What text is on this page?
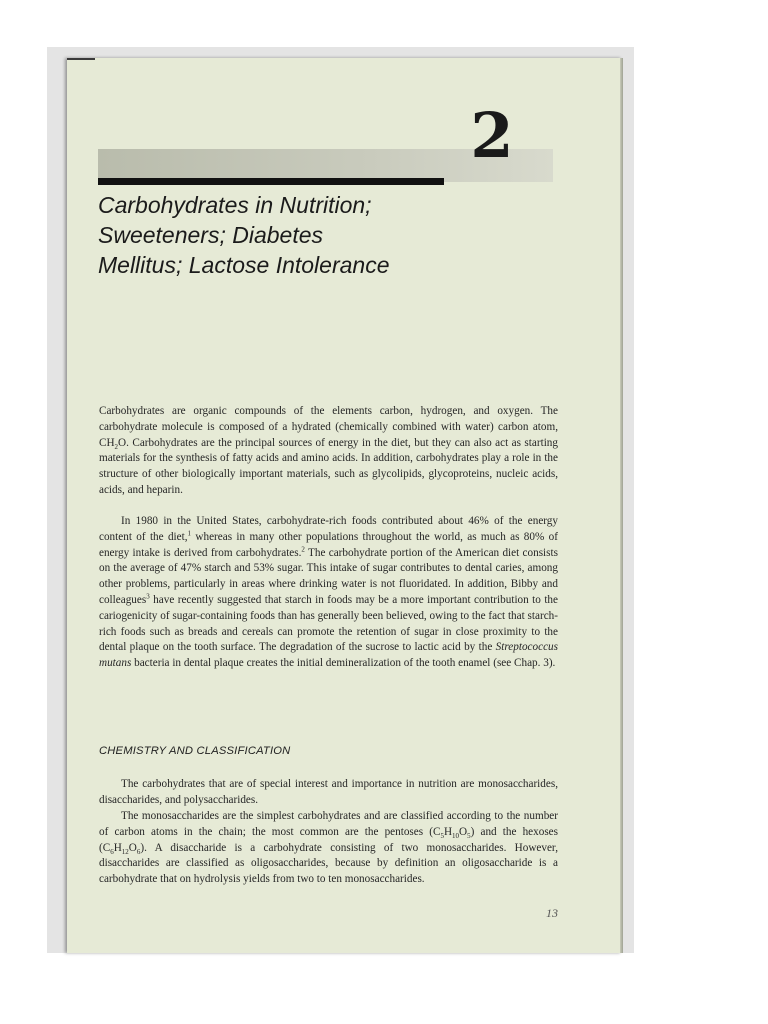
2
Carbohydrates in Nutrition;
Sweeteners; Diabetes
Mellitus; Lactose Intolerance

Carbohydrates are organic compounds of the elements carbon, hydrogen, and oxygen. The carbohydrate molecule is composed of a hydrated (chemically combined with water) carbon atom, $CH_2O$. Carbohydrates are the principal sources of energy in the diet, but they can also act as starting materials for the synthesis of fatty acids and amino acids. In addition, carbohydrates play a role in the structure of other biologically important materials, such as glycolipids, glycoproteins, nucleic acids, acids, and heparin.

In 1980 in the United States, carbohydrate-rich foods contributed about 46% of the energy content of the diet,$^1$ whereas in many other populations throughout the world, as much as 80% of energy intake is derived from carbohydrates.$^2$ The carbohydrate portion of the American diet consists on the average of 47% starch and 53% sugar. This intake of sugar contributes to dental caries, among other problems, particularly in areas where drinking water is not fluoridated. In addition, Bibby and colleagues$^3$ have recently suggested that starch in foods may be a more important contribution to the cariogenicity of sugar-containing foods than has generally been believed, owing to the fact that starch-rich foods such as breads and cereals can promote the retention of sugar in close proximity to the dental plaque on the tooth surface. The degradation of the sucrose to lactic acid by the Streptococcus mutans bacteria in dental plaque creates the initial demineralization of the tooth enamel (see Chap. 3).

CHEMISTRY AND CLASSIFICATION

The carbohydrates that are of special interest and importance in nutrition are monosaccharides, disaccharides, and polysaccharides.

The monosaccharides are the simplest carbohydrates and are classified according to the number of carbon atoms in the chain; the most common are the pentoses $(C_5H_{10}O_5)$ and the hexoses $(C_6H_{12}O_6)$. A disaccharide is a carbohydrate consisting of two monosaccharides. However, disaccharides are classified as oligosaccharides, because by definition an oligosaccharide is a carbohydrate that on hydrolysis yields from two to ten monosaccharides.

13
